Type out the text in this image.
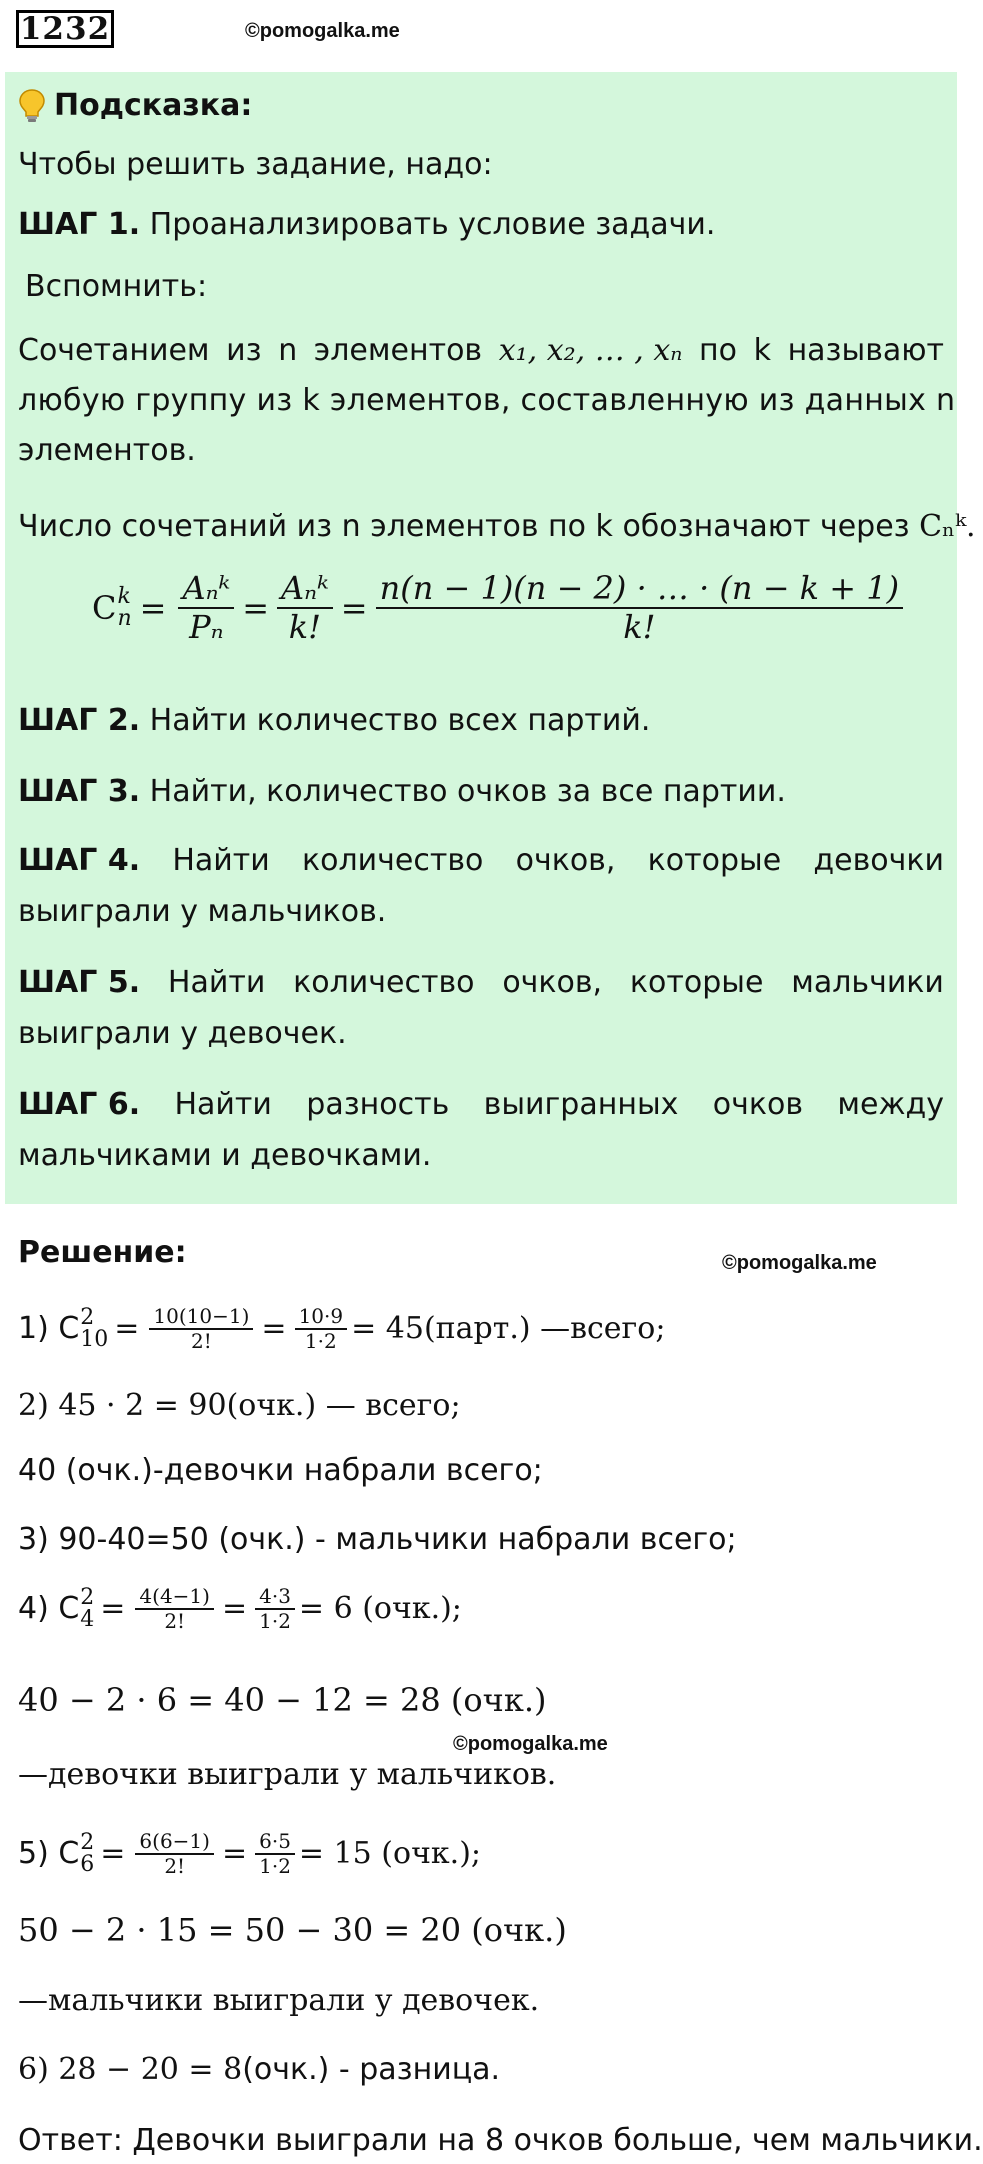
1232	©pomogalka.me
Подсказка:
Чтобы решить задание, надо:
ШАГ 1. Проанализировать условие задачи.
Вспомнить:
Сочетанием из n элементов x₁, x₂, … , xₙ по k называют
любую группу из k элементов, составленную из данных n
элементов.
Число сочетаний из n элементов по k обозначают через Cₙᵏ.
C k
$n = \frac{\text{Aₙᵏ}}{\text{Pₙ}} = \frac{\text{Aₙᵏ}}{k!} = \frac{n(n - 1)(n - 2) \cdot \dots \cdot (n - k + 1)}{k!}$
ШАГ 2. Найти количество всех партий.
ШАГ 3. Найти, количество очков за все партии.
ШАГ 4. Найти количество очков, которые девочки
выиграли у мальчиков.
ШАГ 5. Найти количество очков, которые мальчики
выиграли у девочек.
ШАГ 6. Найти разность выигранных очков между
мальчиками и девочками.
Решение:	©pomogalka.me
1) C 2
$10 = \frac{10(10-1)}{2!} = \frac{10\cdot 9}{1\cdot 2}$ = 45(парт.) —всего;
2) 45 · 2 = 90(очк.) — всего;
40 (очк.)-девочки набрали всего;
3) 90-40=50 (очк.) - мальчики набрали всего;
4) C 2
$4 = \frac{4(4-1)}{2!} = \frac{4\cdot 3}{1\cdot 2} = 6$ (очк.);
40 − 2 · 6 = 40 − 12 = 28 (очк.)
©pomogalka.me
—девочки выиграли у мальчиков.
5) C 2
$6 = \frac{6(6-1)}{2!} = \frac{6\cdot 5}{1\cdot 2} = 15$ (очк.);
50 − 2 · 15 = 50 − 30 = 20 (очк.)
—мальчики выиграли у девочек.
6) 28 − 20 = 8(очк.) - разница.
Ответ: Девочки выиграли на 8 очков больше, чем мальчики.
